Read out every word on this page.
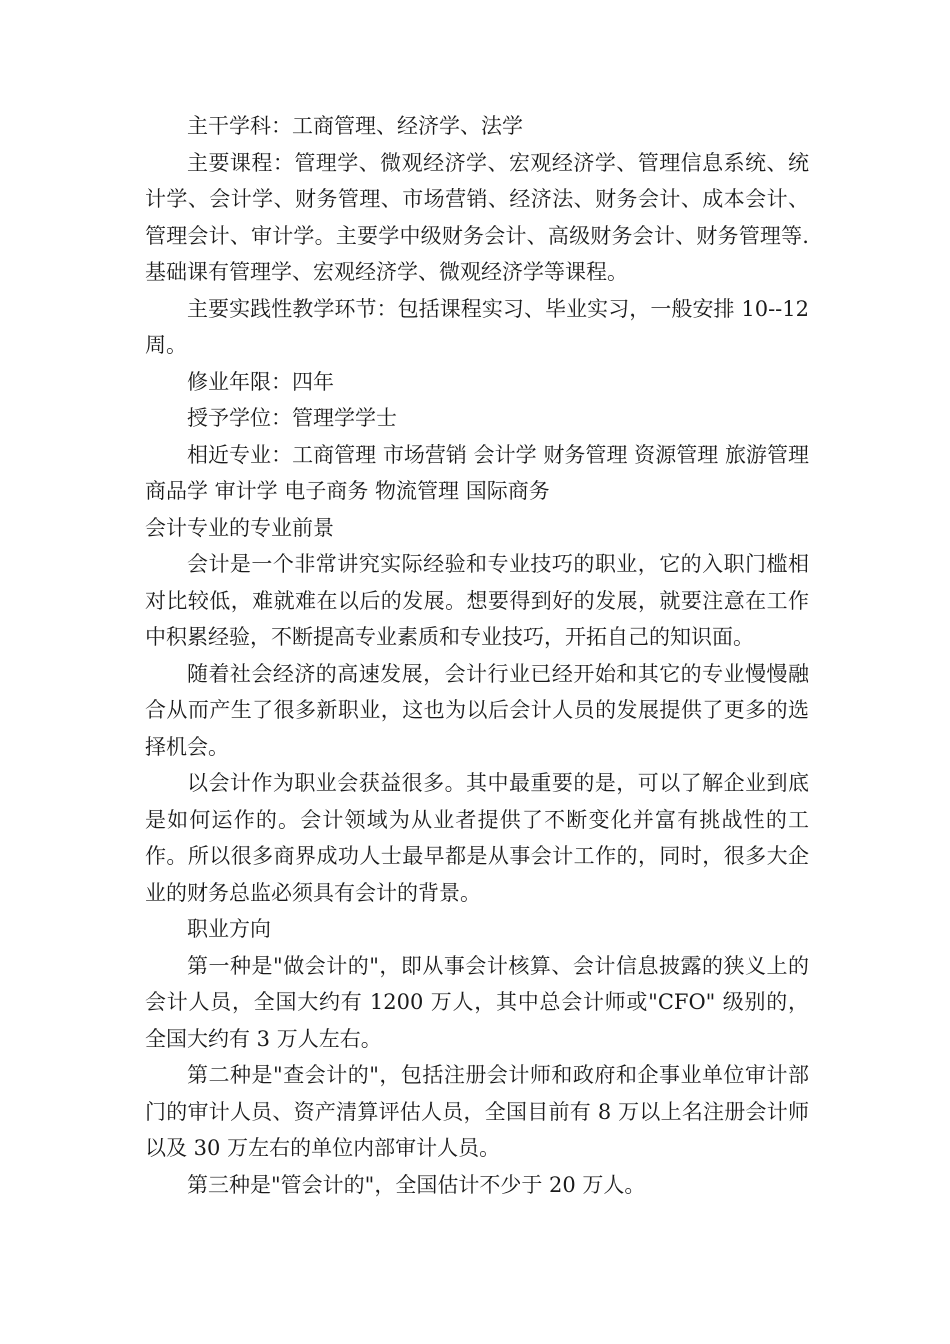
主干学科：工商管理、经济学、法学

主要课程：管理学、微观经济学、宏观经济学、管理信息系统、统计学、会计学、财务管理、市场营销、经济法、财务会计、成本会计、管理会计、审计学。主要学中级财务会计、高级财务会计、财务管理等.基础课有管理学、宏观经济学、微观经济学等课程。

主要实践性教学环节：包括课程实习、毕业实习，一般安排 10--12 周。

修业年限：四年

授予学位：管理学学士

相近专业：工商管理 市场营销 会计学 财务管理 资源管理 旅游管理 商品学 审计学 电子商务 物流管理 国际商务

会计专业的专业前景

会计是一个非常讲究实际经验和专业技巧的职业，它的入职门槛相对比较低，难就难在以后的发展。想要得到好的发展，就要注意在工作中积累经验，不断提高专业素质和专业技巧，开拓自己的知识面。

随着社会经济的高速发展，会计行业已经开始和其它的专业慢慢融合从而产生了很多新职业，这也为以后会计人员的发展提供了更多的选择机会。

以会计作为职业会获益很多。其中最重要的是，可以了解企业到底是如何运作的。会计领域为从业者提供了不断变化并富有挑战性的工作。所以很多商界成功人士最早都是从事会计工作的，同时，很多大企业的财务总监必须具有会计的背景。

职业方向

第一种是"做会计的"，即从事会计核算、会计信息披露的狭义上的会计人员，全国大约有 1200 万人，其中总会计师或"CFO" 级别的，全国大约有 3 万人左右。

第二种是"查会计的"，包括注册会计师和政府和企事业单位审计部门的审计人员、资产清算评估人员，全国目前有 8 万以上名注册会计师以及 30 万左右的单位内部审计人员。

第三种是"管会计的"，全国估计不少于 20 万人。
